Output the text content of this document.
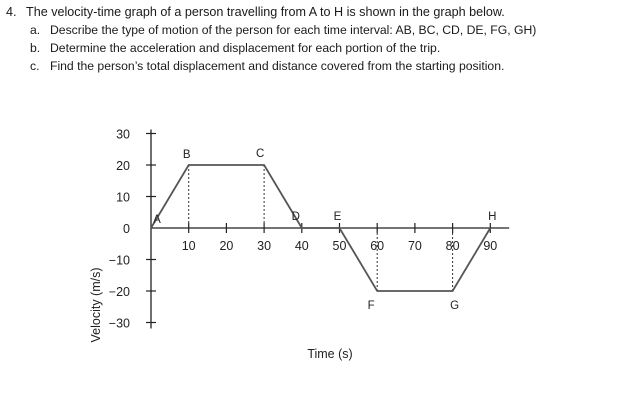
4. The velocity-time graph of a person travelling from A to H is shown in the graph below.
a. Describe the type of motion of the person for each time interval: AB, BC, CD, DE, FG, GH)
b. Determine the acceleration and displacement for each portion of the trip.
c. Find the person’s total displacement and distance covered from the starting position.
30
20
10
0
−10
−20
−30
10 20 30 40 50 60 70 80 90
A
B	C
D	E
F	G
H
Time (s)
Velocity (m/s)
